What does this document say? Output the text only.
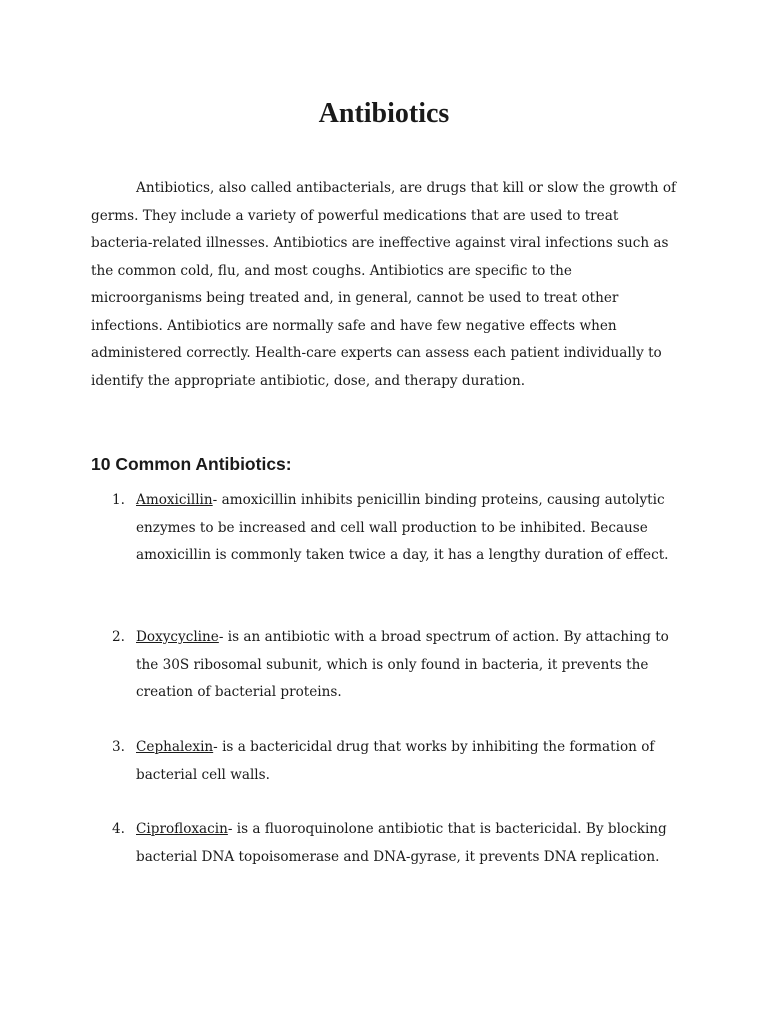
Antibiotics

Antibiotics, also called antibacterials, are drugs that kill or slow the growth of germs. They include a variety of powerful medications that are used to treat bacteria-related illnesses. Antibiotics are ineffective against viral infections such as the common cold, flu, and most coughs. Antibiotics are specific to the microorganisms being treated and, in general, cannot be used to treat other infections. Antibiotics are normally safe and have few negative effects when administered correctly. Health-care experts can assess each patient individually to identify the appropriate antibiotic, dose, and therapy duration.

10 Common Antibiotics:
1. Amoxicillin- amoxicillin inhibits penicillin binding proteins, causing autolytic enzymes to be increased and cell wall production to be inhibited. Because amoxicillin is commonly taken twice a day, it has a lengthy duration of effect.
2. Doxycycline- is an antibiotic with a broad spectrum of action. By attaching to the 30S ribosomal subunit, which is only found in bacteria, it prevents the creation of bacterial proteins.
3. Cephalexin- is a bactericidal drug that works by inhibiting the formation of bacterial cell walls.
4. Ciprofloxacin- is a fluoroquinolone antibiotic that is bactericidal. By blocking bacterial DNA topoisomerase and DNA-gyrase, it prevents DNA replication.
